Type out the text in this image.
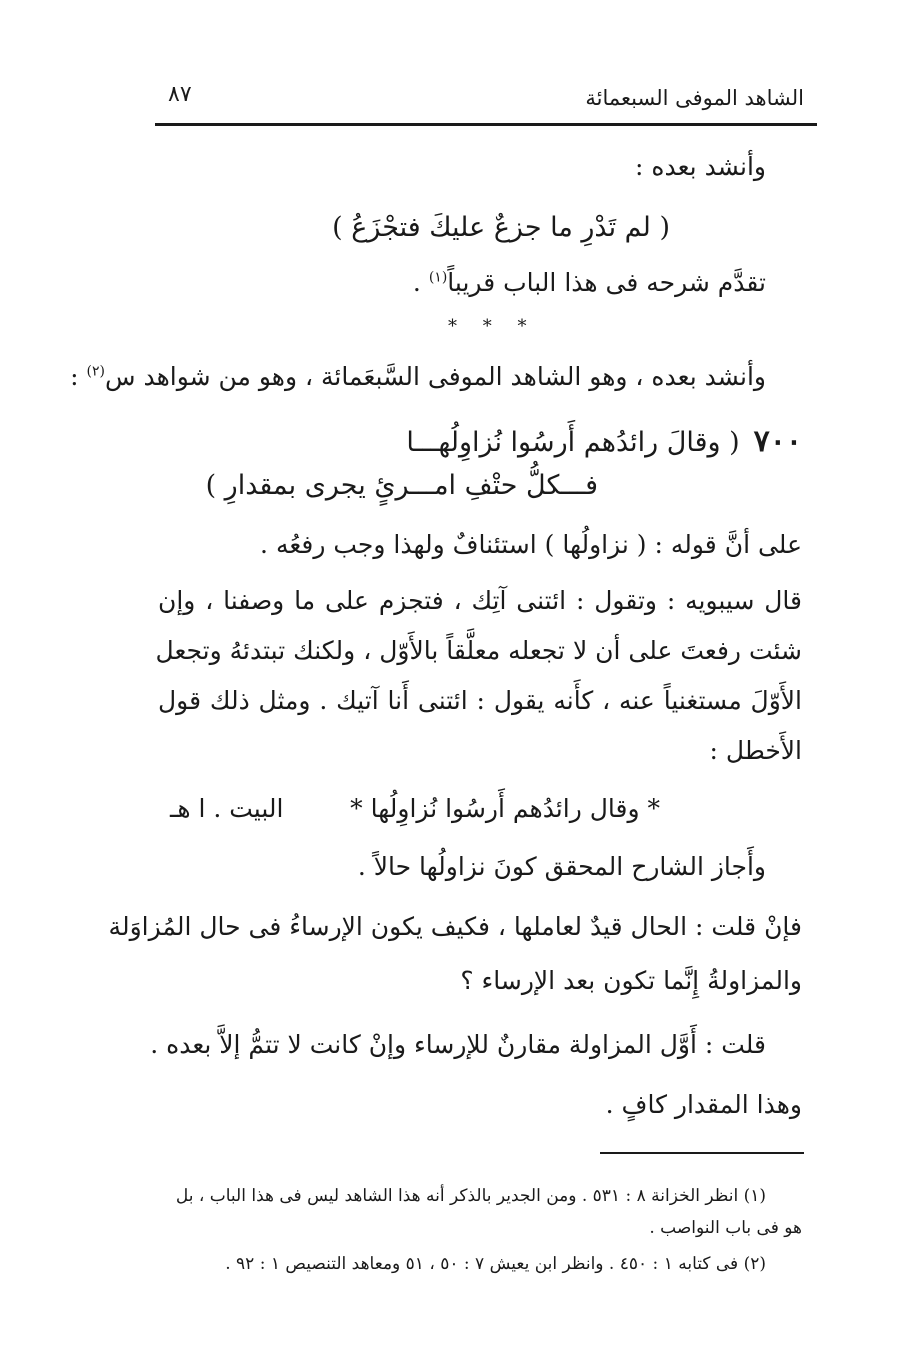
الشاهد الموفى السبعمائة
٨٧
وأنشد بعده :
( لم تَدْرِ ما جزعٌ عليكَ فتجْزَعُ )
تقدَّم شرحه فى هذا الباب قريباً$^{(١)}$ .
* * *
وأنشد بعده ، وهو الشاهد الموفى السَّبعَمائة ، وهو من شواهد س$^{(٢)}$ :
٧٠٠( وقالَ رائدُهم أَرسُوا نُزاوِلُهـــا
فـــكلُّ حتْفِ امـــرئٍ يجرى بمقدارِ )
على أنَّ قوله : ( نزاولُها ) استئنافٌ ولهذا وجب رفعُه .
قال سيبويه : وتقول : ائتنى آتِك ، فتجزم على ما وصفنا ، وإن
شئت رفعتَ على أن لا تجعله معلَّقاً بالأَوّل ، ولكنك تبتدئهُ وتجعل
الأَوّلَ مستغنياً عنه ، كأَنه يقول : ائتنى أَنا آتيك . ومثل ذلك قول
الأَخطل :
* وقال رائدُهم أَرسُوا نُزاوِلُها *
البيت . ا هـ
وأَجاز الشارح المحقق كونَ نزاولُها حالاً .
فإنْ قلت : الحال قيدٌ لعاملها ، فكيف يكون الإرساءُ فى حال المُزاوَلة
والمزاولةُ إِنَّما تكون بعد الإرساء ؟
قلت : أَوَّل المزاولة مقارنٌ للإرساء وإنْ كانت لا تتمُّ إلاَّ بعده .
وهذا المقدار كافٍ .
(١) انظر الخزانة ٨ : ٥٣١ . ومن الجدير بالذكر أنه هذا الشاهد ليس فى هذا الباب ، بل
هو فى باب النواصب .
(٢) فى كتابه ١ : ٤٥٠ . وانظر ابن يعيش ٧ : ٥٠ ، ٥١ ومعاهد التنصيص ١ : ٩٢ .
